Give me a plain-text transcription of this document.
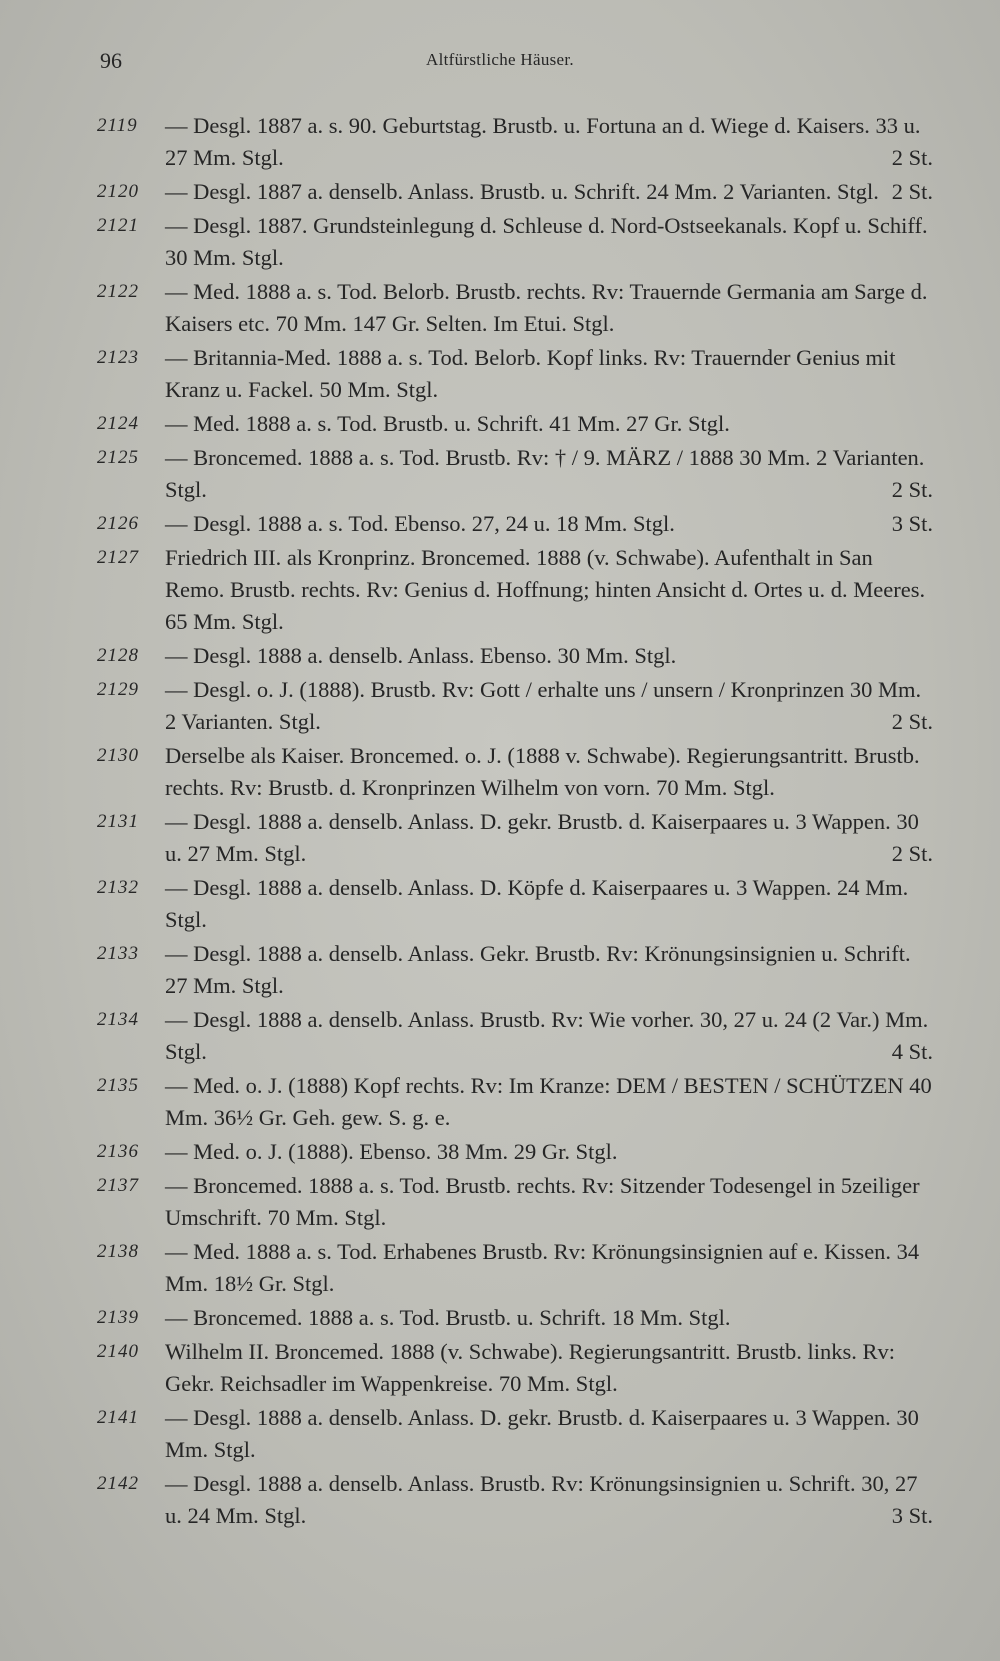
96	Altfürstliche Häuser.
2119 — Desgl. 1887 a. s. 90. Geburtstag. Brustb. u. Fortuna an d. Wiege d. Kaisers. 33 u. 27 Mm. Stgl.	2 St.
2120 — Desgl. 1887 a. denselb. Anlass. Brustb. u. Schrift. 24 Mm. 2 Varianten. Stgl. 2 St.
2121 — Desgl. 1887. Grundsteinlegung d. Schleuse d. Nord-Ostseekanals. Kopf u. Schiff. 30 Mm. Stgl.
2122 — Med. 1888 a. s. Tod. Belorb. Brustb. rechts. Rv: Trauernde Germania am Sarge d. Kaisers etc. 70 Mm. 147 Gr. Selten. Im Etui. Stgl.
2123 — Britannia-Med. 1888 a. s. Tod. Belorb. Kopf links. Rv: Trauernder Genius mit Kranz u. Fackel. 50 Mm. Stgl.
2124 — Med. 1888 a. s. Tod. Brustb. u. Schrift. 41 Mm. 27 Gr. Stgl.
2125 — Broncemed. 1888 a. s. Tod. Brustb. Rv: † / 9. MÄRZ / 1888 30 Mm. 2 Varianten. Stgl.	2 St.
2126 — Desgl. 1888 a. s. Tod. Ebenso. 27, 24 u. 18 Mm. Stgl.	3 St.
2127 Friedrich III. als Kronprinz. Broncemed. 1888 (v. Schwabe). Aufenthalt in San Remo. Brustb. rechts. Rv: Genius d. Hoffnung; hinten Ansicht d. Ortes u. d. Meeres. 65 Mm. Stgl.
2128 — Desgl. 1888 a. denselb. Anlass. Ebenso. 30 Mm. Stgl.
2129 — Desgl. o. J. (1888). Brustb. Rv: Gott / erhalte uns / unsern / Kronprinzen 30 Mm. 2 Varianten. Stgl.	2 St.
2130 Derselbe als Kaiser. Broncemed. o. J. (1888 v. Schwabe). Regierungsantritt. Brustb. rechts. Rv: Brustb. d. Kronprinzen Wilhelm von vorn. 70 Mm. Stgl.
2131 — Desgl. 1888 a. denselb. Anlass. D. gekr. Brustb. d. Kaiserpaares u. 3 Wappen. 30 u. 27 Mm. Stgl.	2 St.
2132 — Desgl. 1888 a. denselb. Anlass. D. Köpfe d. Kaiserpaares u. 3 Wappen. 24 Mm. Stgl.
2133 — Desgl. 1888 a. denselb. Anlass. Gekr. Brustb. Rv: Krönungsinsignien u. Schrift. 27 Mm. Stgl.
2134 — Desgl. 1888 a. denselb. Anlass. Brustb. Rv: Wie vorher. 30, 27 u. 24 (2 Var.) Mm. Stgl.	4 St.
2135 — Med. o. J. (1888) Kopf rechts. Rv: Im Kranze: DEM / BESTEN / SCHÜTZEN 40 Mm. 36½ Gr. Geh. gew. S. g. e.
2136 — Med. o. J. (1888). Ebenso. 38 Mm. 29 Gr. Stgl.
2137 — Broncemed. 1888 a. s. Tod. Brustb. rechts. Rv: Sitzender Todesengel in 5zeiliger Umschrift. 70 Mm. Stgl.
2138 — Med. 1888 a. s. Tod. Erhabenes Brustb. Rv: Krönungsinsignien auf e. Kissen. 34 Mm. 18½ Gr. Stgl.
2139 — Broncemed. 1888 a. s. Tod. Brustb. u. Schrift. 18 Mm. Stgl.
2140 Wilhelm II. Broncemed. 1888 (v. Schwabe). Regierungsantritt. Brustb. links. Rv: Gekr. Reichsadler im Wappenkreise. 70 Mm. Stgl.
2141 — Desgl. 1888 a. denselb. Anlass. D. gekr. Brustb. d. Kaiserpaares u. 3 Wappen. 30 Mm. Stgl.
2142 — Desgl. 1888 a. denselb. Anlass. Brustb. Rv: Krönungsinsignien u. Schrift. 30, 27 u. 24 Mm. Stgl.	3 St.
